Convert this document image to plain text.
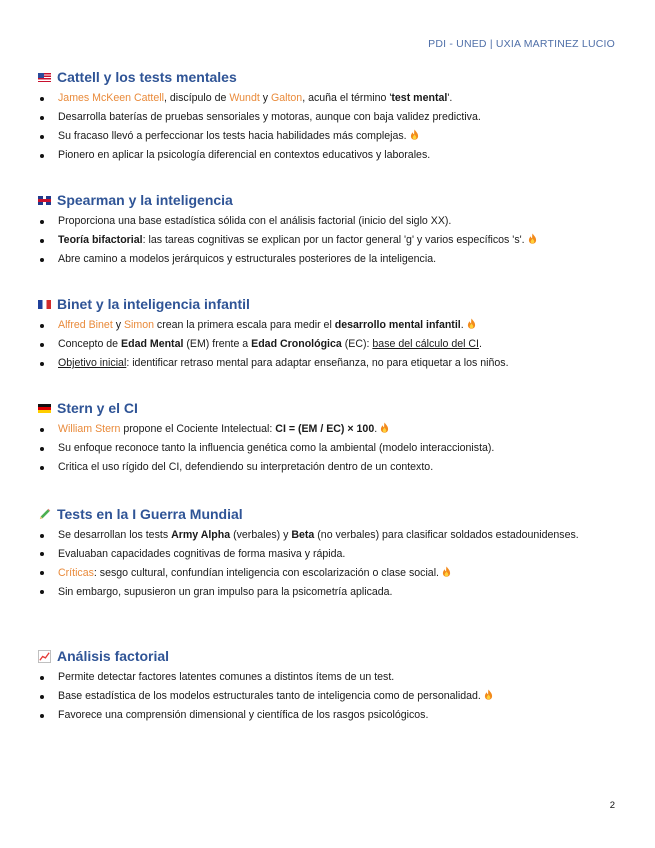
PDI - UNED | UXIA MARTINEZ LUCIO
Cattell y los tests mentales
James McKeen Cattell, discípulo de Wundt y Galton, acuña el término 'test mental'.
Desarrolla baterías de pruebas sensoriales y motoras, aunque con baja validez predictiva.
Su fracaso llevó a perfeccionar los tests hacia habilidades más complejas.
Pionero en aplicar la psicología diferencial en contextos educativos y laborales.
Spearman y la inteligencia
Proporciona una base estadística sólida con el análisis factorial (inicio del siglo XX).
Teoría bifactorial: las tareas cognitivas se explican por un factor general 'g' y varios específicos 's'.
Abre camino a modelos jerárquicos y estructurales posteriores de la inteligencia.
Binet y la inteligencia infantil
Alfred Binet y Simon crean la primera escala para medir el desarrollo mental infantil.
Concepto de Edad Mental (EM) frente a Edad Cronológica (EC): base del cálculo del CI.
Objetivo inicial: identificar retraso mental para adaptar enseñanza, no para etiquetar a los niños.
Stern y el CI
William Stern propone el Cociente Intelectual: CI = (EM / EC) × 100.
Su enfoque reconoce tanto la influencia genética como la ambiental (modelo interaccionista).
Critica el uso rígido del CI, defendiendo su interpretación dentro de un contexto.
Tests en la I Guerra Mundial
Se desarrollan los tests Army Alpha (verbales) y Beta (no verbales) para clasificar soldados estadounidenses.
Evaluaban capacidades cognitivas de forma masiva y rápida.
Críticas: sesgo cultural, confundían inteligencia con escolarización o clase social.
Sin embargo, supusieron un gran impulso para la psicometría aplicada.
Análisis factorial
Permite detectar factores latentes comunes a distintos ítems de un test.
Base estadística de los modelos estructurales tanto de inteligencia como de personalidad.
Favorece una comprensión dimensional y científica de los rasgos psicológicos.
2
